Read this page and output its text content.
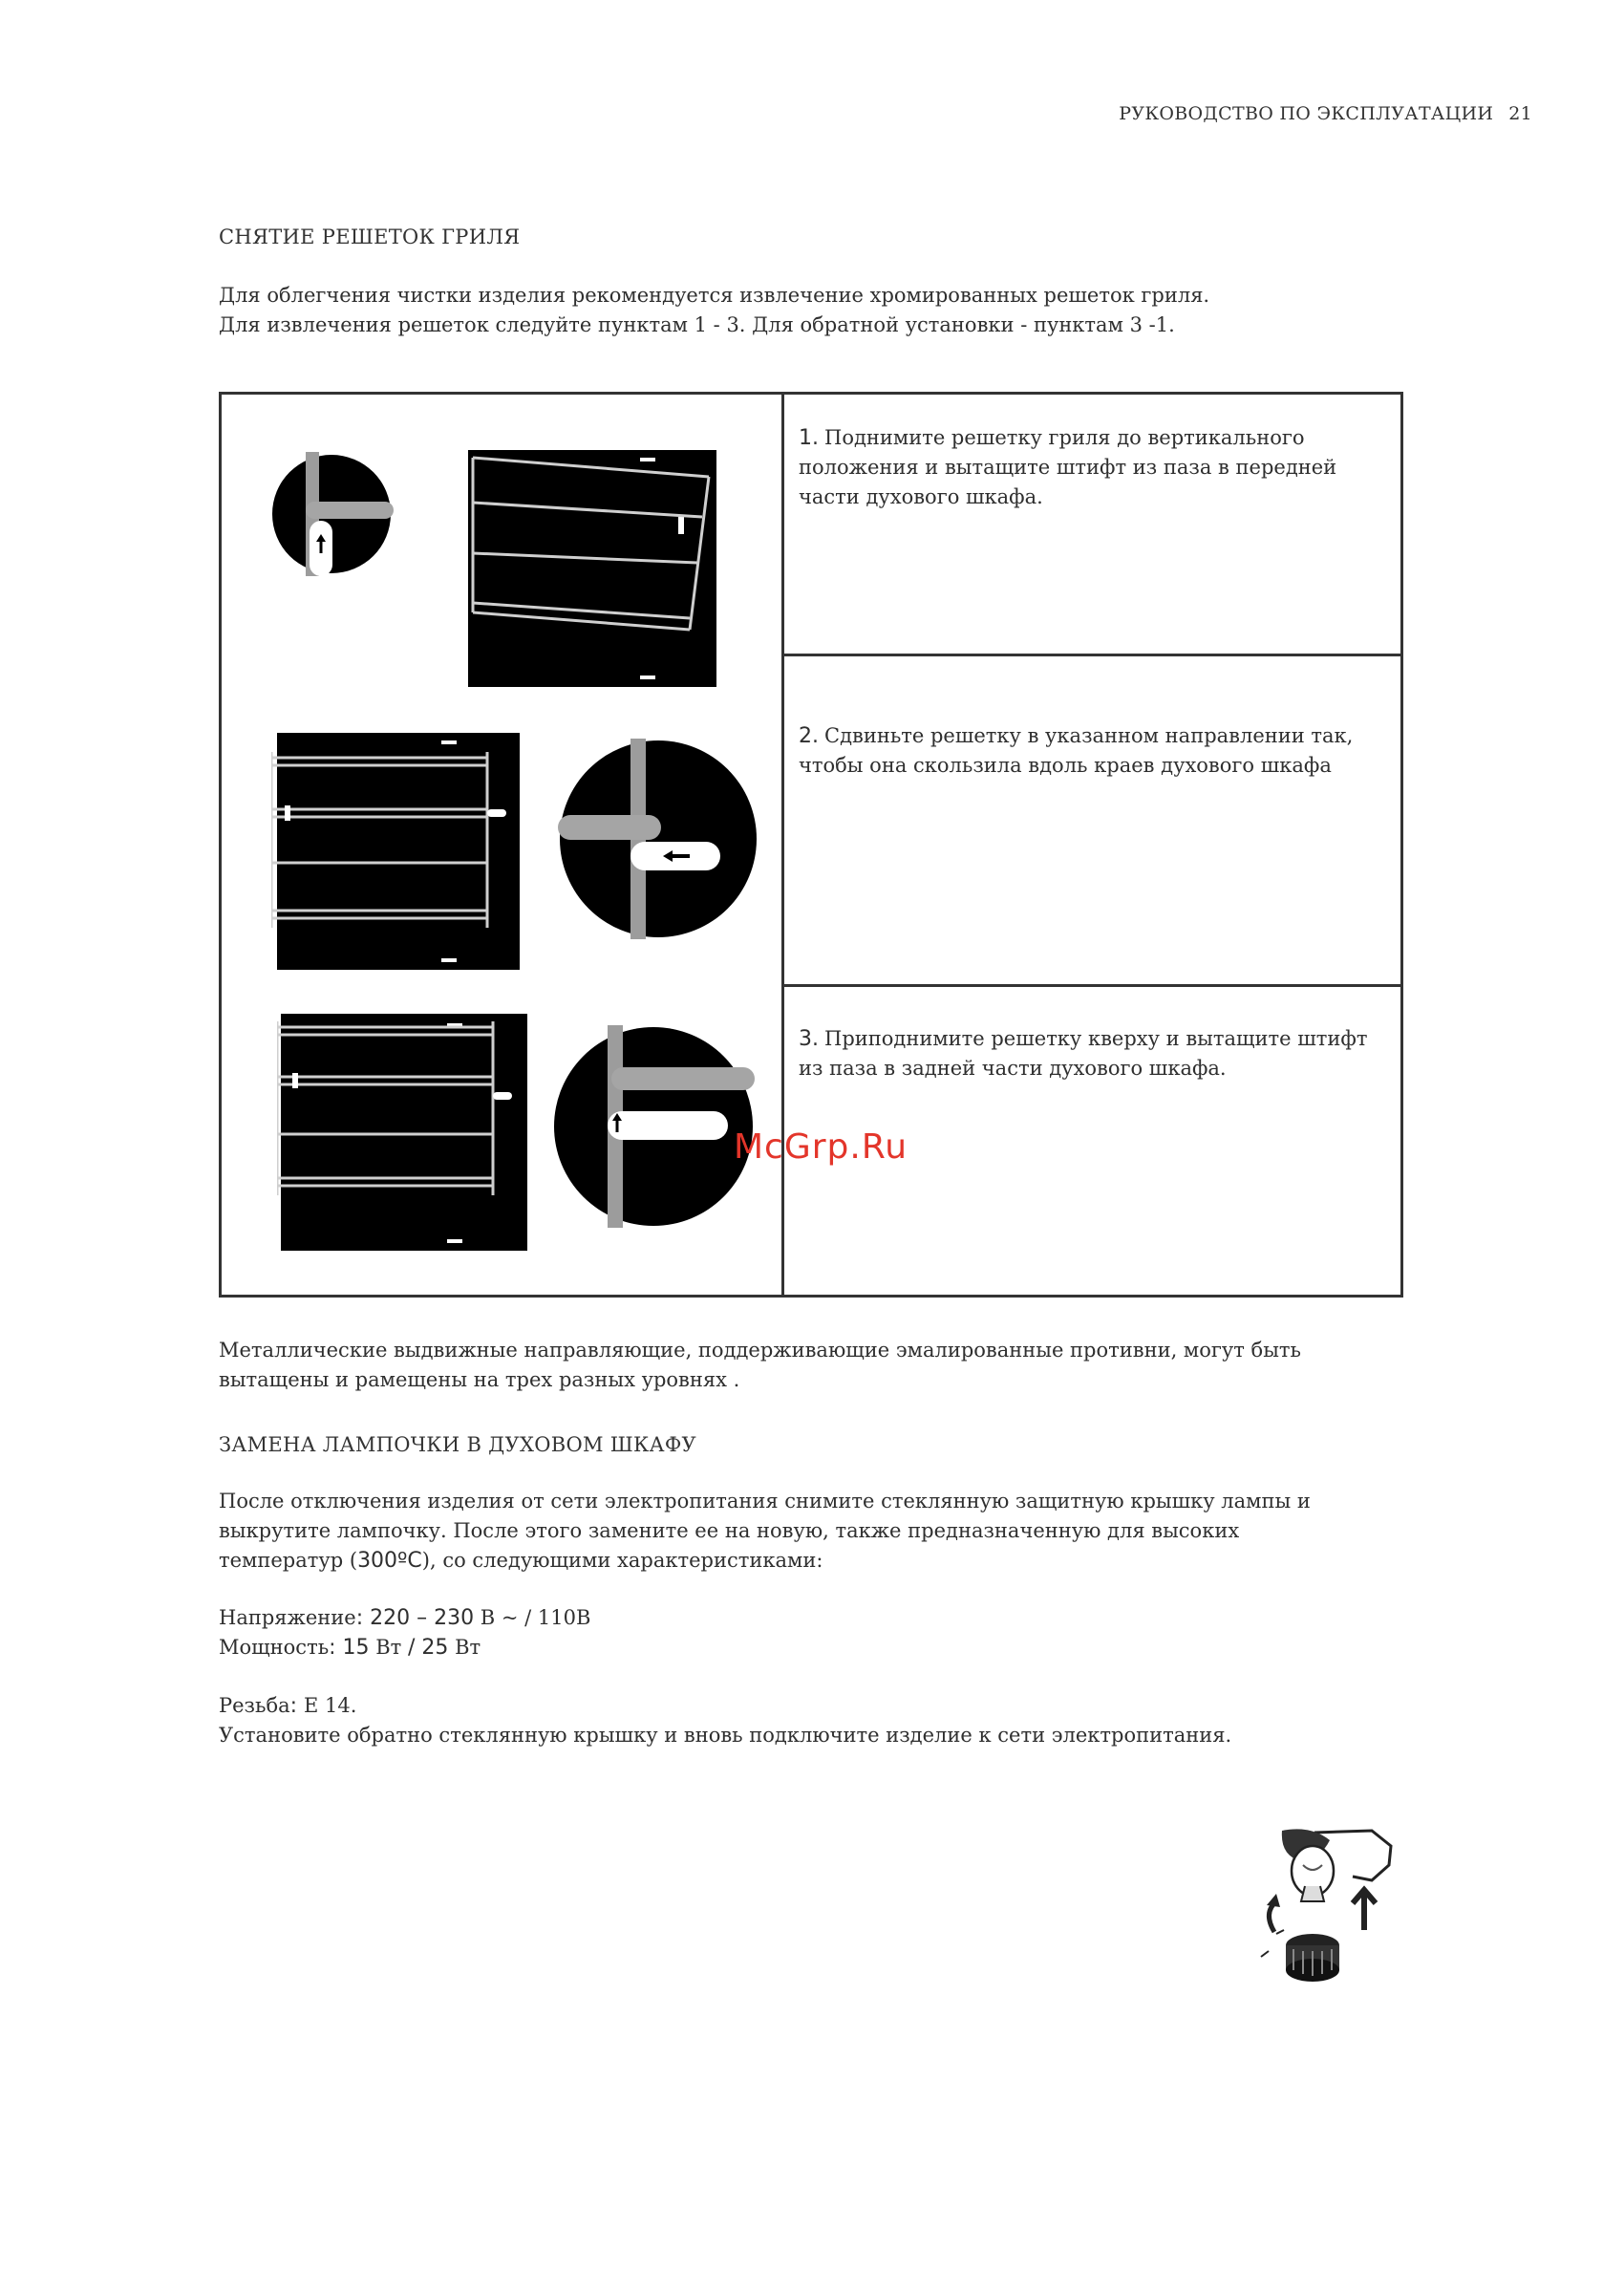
РУКОВОДСТВО ПО ЭКСПЛУАТАЦИИ 21
СНЯТИЕ РЕШЕТОК ГРИЛЯ
Для облегчения чистки изделия рекомендуется извлечение хромированных решеток гриля.
Для извлечения решеток следуйте пунктам 1 - 3. Для обратной установки - пунктам 3 -1.
1. Поднимите решетку гриля до вертикального положения и вытащите штифт из паза в передней части духового шкафа.
2. Сдвиньте решетку в указанном направлении так, чтобы она скользила вдоль краев духового шкафа
3. Приподнимите решетку кверху и вытащите штифт из паза в задней части духового шкафа.
McGrp.Ru
Металлические выдвижные направляющие, поддерживающие эмалированные противни, могут быть
вытащены и рамещены на трех разных уровнях .
ЗАМЕНА ЛАМПОЧКИ В ДУХОВОМ ШКАФУ
После отключения изделия от сети электропитания снимите стеклянную защитную крышку лампы и
выкрутите лампочку. После этого замените ее на новую, также предназначенную для высоких
температур (300ºС), со следующими характеристиками:
Напряжение: 220 – 230 В ~ / 110В
Мощность: 15 Вт / 25 Вт
Резьба: Е 14.
Установите обратно стеклянную крышку и вновь подключите изделие к сети электропитания.
